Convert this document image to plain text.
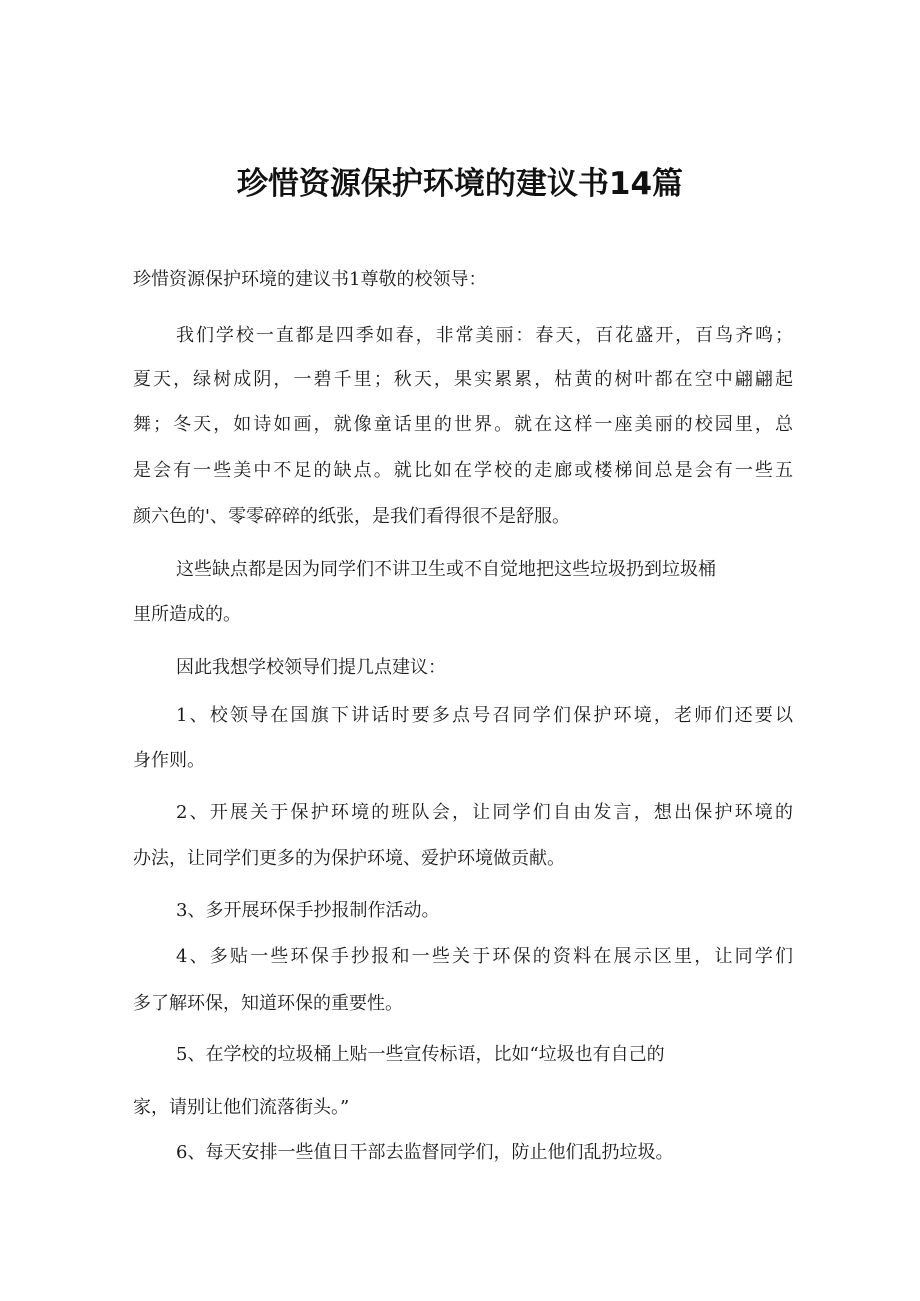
珍惜资源保护环境的建议书14篇

珍惜资源保护环境的建议书1尊敬的校领导：

我们学校一直都是四季如春，非常美丽：春天，百花盛开，百鸟齐鸣；

夏天，绿树成阴，一碧千里；秋天，果实累累，枯黄的树叶都在空中翩翩起

舞；冬天，如诗如画，就像童话里的世界。就在这样一座美丽的校园里，总

是会有一些美中不足的缺点。就比如在学校的走廊或楼梯间总是会有一些五

颜六色的'、零零碎碎的纸张，是我们看得很不是舒服。

这些缺点都是因为同学们不讲卫生或不自觉地把这些垃圾扔到垃圾桶

里所造成的。

因此我想学校领导们提几点建议：

1、校领导在国旗下讲话时要多点号召同学们保护环境，老师们还要以

身作则。

2、开展关于保护环境的班队会，让同学们自由发言，想出保护环境的

办法，让同学们更多的为保护环境、爱护环境做贡献。

3、多开展环保手抄报制作活动。

4、多贴一些环保手抄报和一些关于环保的资料在展示区里，让同学们

多了解环保，知道环保的重要性。

5、在学校的垃圾桶上贴一些宣传标语，比如“垃圾也有自己的

家，请别让他们流落街头。”

6、每天安排一些值日干部去监督同学们，防止他们乱扔垃圾。
